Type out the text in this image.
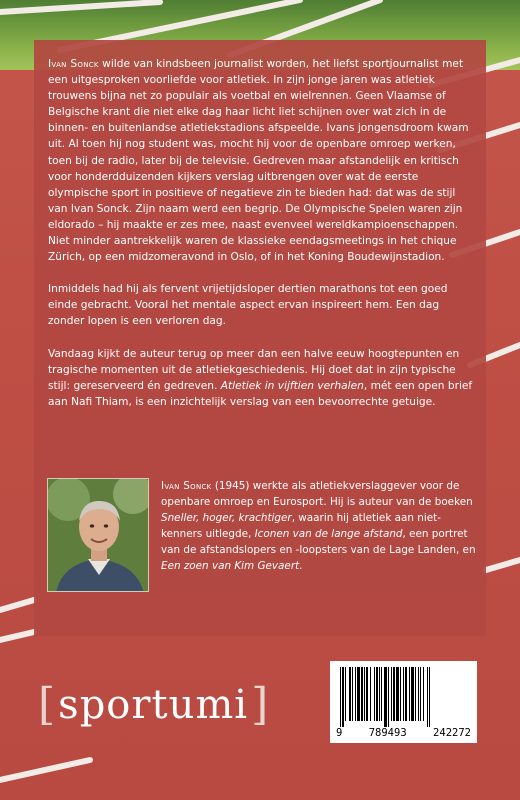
Ivan Sonck wilde van kindsbeen journalist worden, het liefst sportjournalist met een uitgesproken voorliefde voor atletiek. In zijn jonge jaren was atletiek trouwens bijna net zo populair als voetbal en wielrennen. Geen Vlaamse of Belgische krant die niet elke dag haar licht liet schijnen over wat zich in de binnen- en buitenlandse atletiekstadions afspeelde. Ivans jongensdroom kwam uit. Al toen hij nog student was, mocht hij voor de openbare omroep werken, toen bij de radio, later bij de televisie. Gedreven maar afstandelijk en kritisch voor honderdduizenden kijkers verslag uitbrengen over wat de eerste olympische sport in positieve of negatieve zin te bieden had: dat was de stijl van Ivan Sonck. Zijn naam werd een begrip. De Olympische Spelen waren zijn eldorado – hij maakte er zes mee, naast evenveel wereldkampioenschappen. Niet minder aantrekkelijk waren de klassieke eendagsmeetings in het chique Zürich, op een midzomeravond in Oslo, of in het Koning Boudewijnstadion.

Inmiddels had hij als fervent vrijetijdsloper dertien marathons tot een goed einde gebracht. Vooral het mentale aspect ervan inspireert hem. Een dag zonder lopen is een verloren dag.

Vandaag kijkt de auteur terug op meer dan een halve eeuw hoogtepunten en tragische momenten uit de atletiekgeschiedenis. Hij doet dat in zijn typische stijl: gereserveerd én gedreven. Atletiek in vijftien verhalen, mét een open brief aan Nafi Thiam, is een inzichtelijk verslag van een bevoorrechte getuige.

Ivan Sonck (1945) werkte als atletiekverslaggever voor de openbare omroep en Eurosport. Hij is auteur van de boeken Sneller, hoger, krachtiger, waarin hij atletiek aan niet-kenners uitlegde, Iconen van de lange afstand, een portret van de afstandslopers en -loopsters van de Lage Landen, en Een zoen van Kim Gevaert.
[ sportumi ]
9	789493	242272
